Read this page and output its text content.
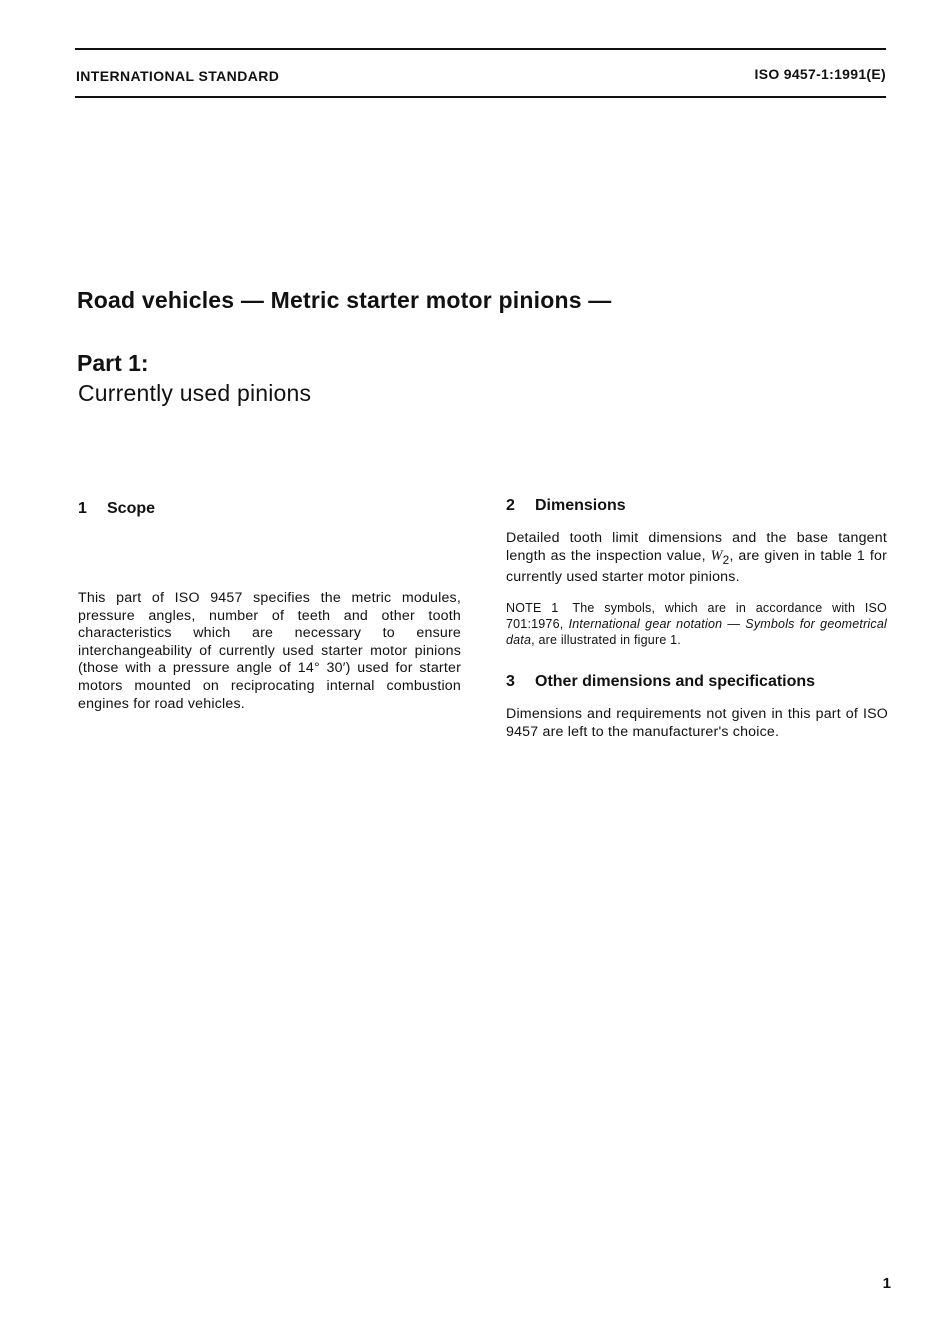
INTERNATIONAL STANDARD	ISO 9457-1:1991(E)
Road vehicles — Metric starter motor pinions —
Part 1:
Currently used pinions
1 Scope
This part of ISO 9457 specifies the metric modules, pressure angles, number of teeth and other tooth characteristics which are necessary to ensure interchangeability of currently used starter motor pinions (those with a pressure angle of 14° 30′) used for starter motors mounted on reciprocating internal combustion engines for road vehicles.
2 Dimensions
Detailed tooth limit dimensions and the base tangent length as the inspection value, $W_2$, are given in table 1 for currently used starter motor pinions.
NOTE 1 The symbols, which are in accordance with ISO 701:1976, International gear notation — Symbols for geometrical data, are illustrated in figure 1.
3 Other dimensions and specifications
Dimensions and requirements not given in this part of ISO 9457 are left to the manufacturer's choice.
1
